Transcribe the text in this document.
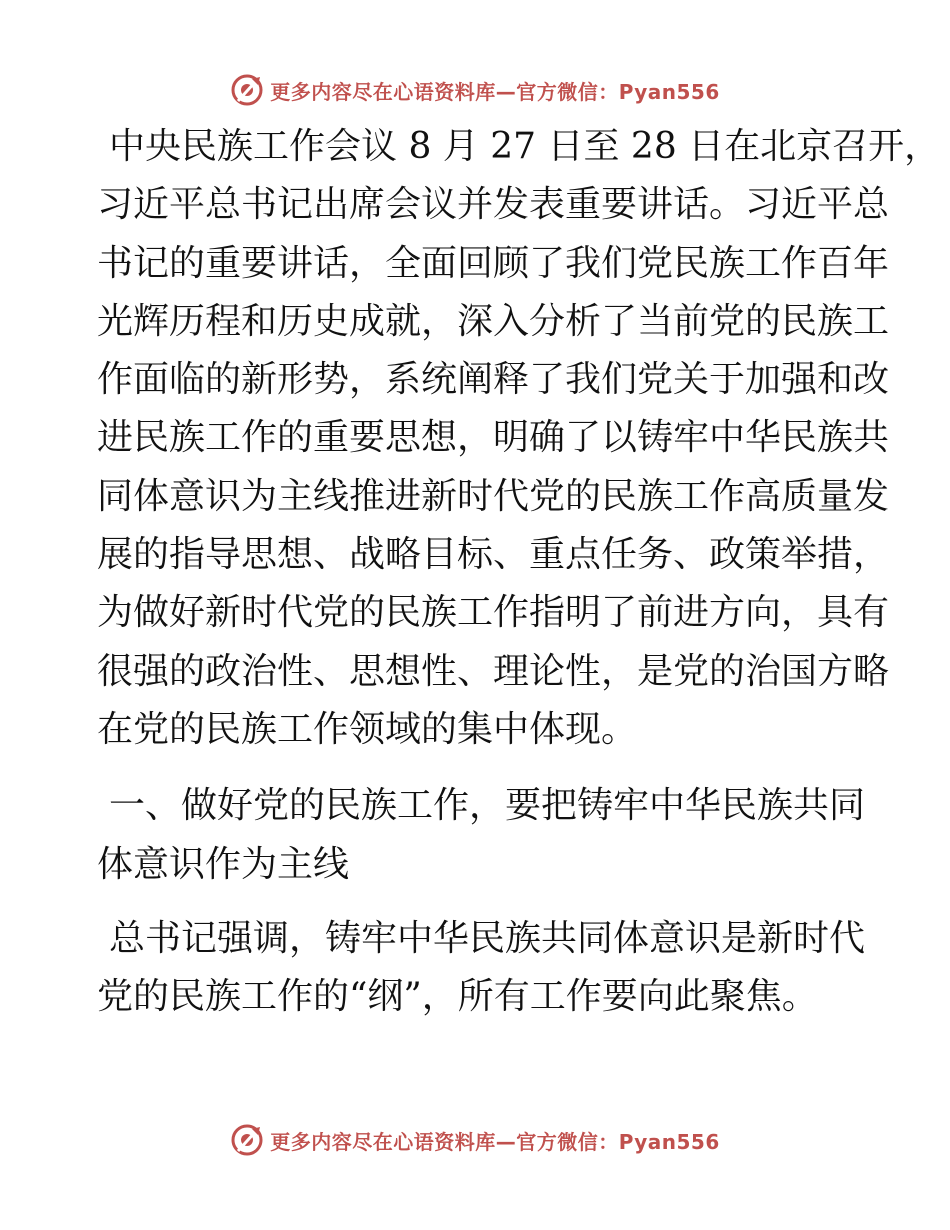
更多内容尽在心语资料库—官方微信：Pyan556

中央民族工作会议 8 月 27 日至 28 日在北京召开，
习近平总书记出席会议并发表重要讲话。习近平总
书记的重要讲话，全面回顾了我们党民族工作百年
光辉历程和历史成就，深入分析了当前党的民族工
作面临的新形势，系统阐释了我们党关于加强和改
进民族工作的重要思想，明确了以铸牢中华民族共
同体意识为主线推进新时代党的民族工作高质量发
展的指导思想、战略目标、重点任务、政策举措，
为做好新时代党的民族工作指明了前进方向，具有
很强的政治性、思想性、理论性，是党的治国方略
在党的民族工作领域的集中体现。

一、做好党的民族工作，要把铸牢中华民族共同
体意识作为主线

总书记强调，铸牢中华民族共同体意识是新时代
党的民族工作的“纲”，所有工作要向此聚焦。

更多内容尽在心语资料库—官方微信：Pyan556
